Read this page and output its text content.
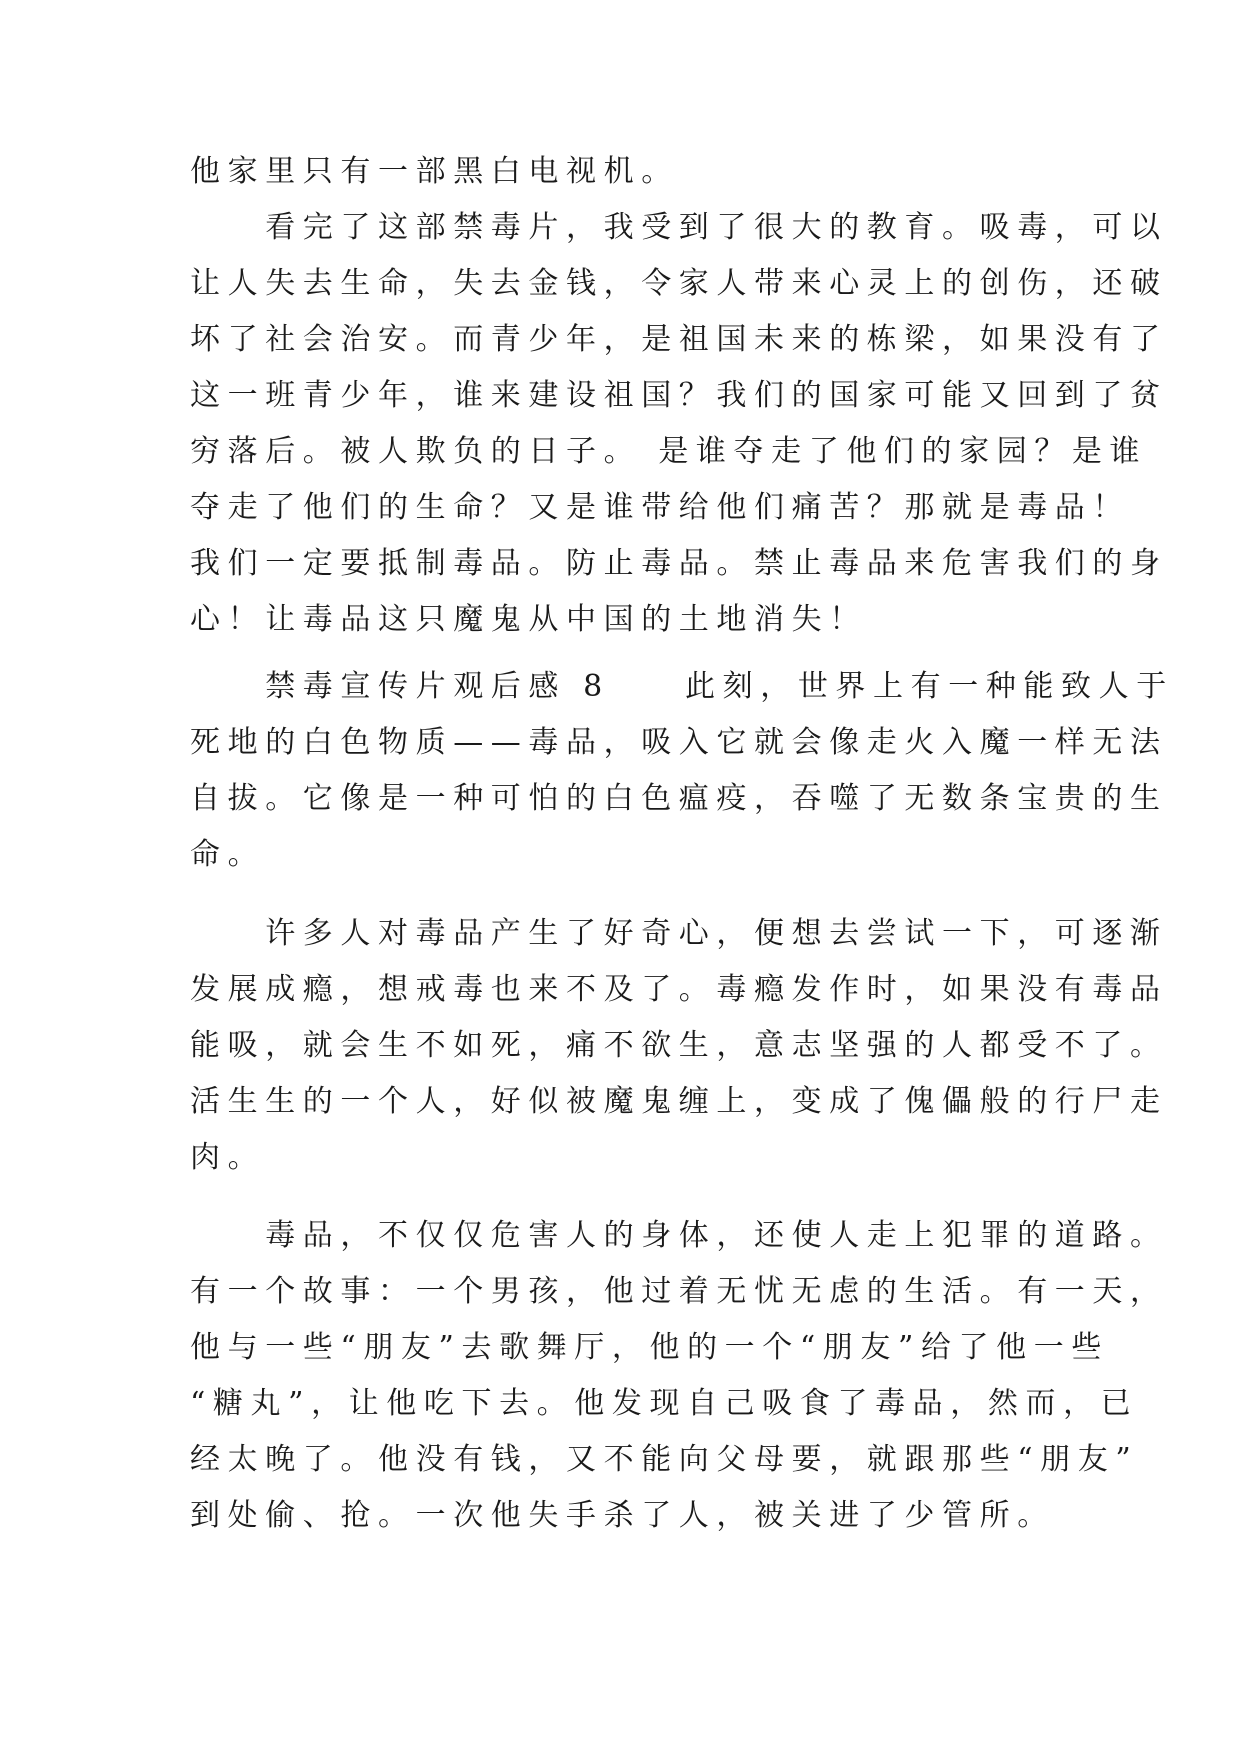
他家里只有一部黑白电视机。
　　看完了这部禁毒片，我受到了很大的教育。吸毒，可以
让人失去生命，失去金钱，令家人带来心灵上的创伤，还破
坏了社会治安。而青少年，是祖国未来的栋梁，如果没有了
这一班青少年，谁来建设祖国？我们的国家可能又回到了贫
穷落后。被人欺负的日子。 是谁夺走了他们的家园？是谁
夺走了他们的生命？又是谁带给他们痛苦？那就是毒品！
我们一定要抵制毒品。防止毒品。禁止毒品来危害我们的身
心！让毒品这只魔鬼从中国的土地消失！
　　禁毒宣传片观后感 8　　此刻，世界上有一种能致人于
死地的白色物质——毒品，吸入它就会像走火入魔一样无法
自拔。它像是一种可怕的白色瘟疫，吞噬了无数条宝贵的生
命。
　　许多人对毒品产生了好奇心，便想去尝试一下，可逐渐
发展成瘾，想戒毒也来不及了。毒瘾发作时，如果没有毒品
能吸，就会生不如死，痛不欲生，意志坚强的人都受不了。
活生生的一个人，好似被魔鬼缠上，变成了傀儡般的行尸走
肉。
　　毒品，不仅仅危害人的身体，还使人走上犯罪的道路。
有一个故事：一个男孩，他过着无忧无虑的生活。有一天，
他与一些“朋友”去歌舞厅，他的一个“朋友”给了他一些
“糖丸”，让他吃下去。他发现自己吸食了毒品，然而，已
经太晚了。他没有钱，又不能向父母要，就跟那些“朋友”
到处偷、抢。一次他失手杀了人，被关进了少管所。
